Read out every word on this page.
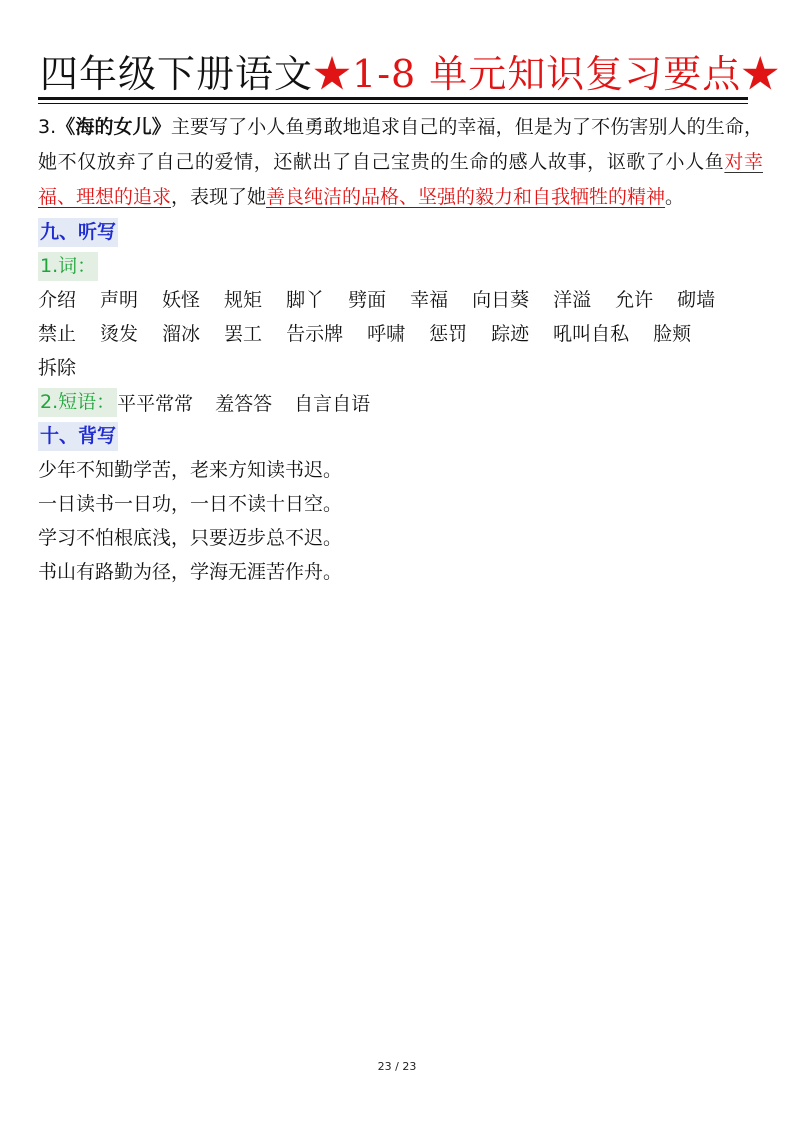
四年级下册语文★1-8 单元知识复习要点★

3.《海的女儿》主要写了小人鱼勇敢地追求自己的幸福，但是为了不伤害别人的生命，她不仅放弃了自己的爱情，还献出了自己宝贵的生命的感人故事，讴歌了小人鱼对幸福、理想的追求，表现了她善良纯洁的品格、坚强的毅力和自我牺牲的精神。

九、听写
1.词：
介绍 声明 妖怪 规矩 脚丫 劈面 幸福 向日葵 洋溢 允许 砌墙
禁止 烫发 溜冰 罢工 告示牌 呼啸 惩罚 踪迹 吼叫自私 脸颊
拆除
2.短语： 平平常常 羞答答 自言自语
十、背写

少年不知勤学苦，老来方知读书迟。

一日读书一日功，一日不读十日空。

学习不怕根底浅，只要迈步总不迟。

书山有路勤为径，学海无涯苦作舟。

23 / 23
